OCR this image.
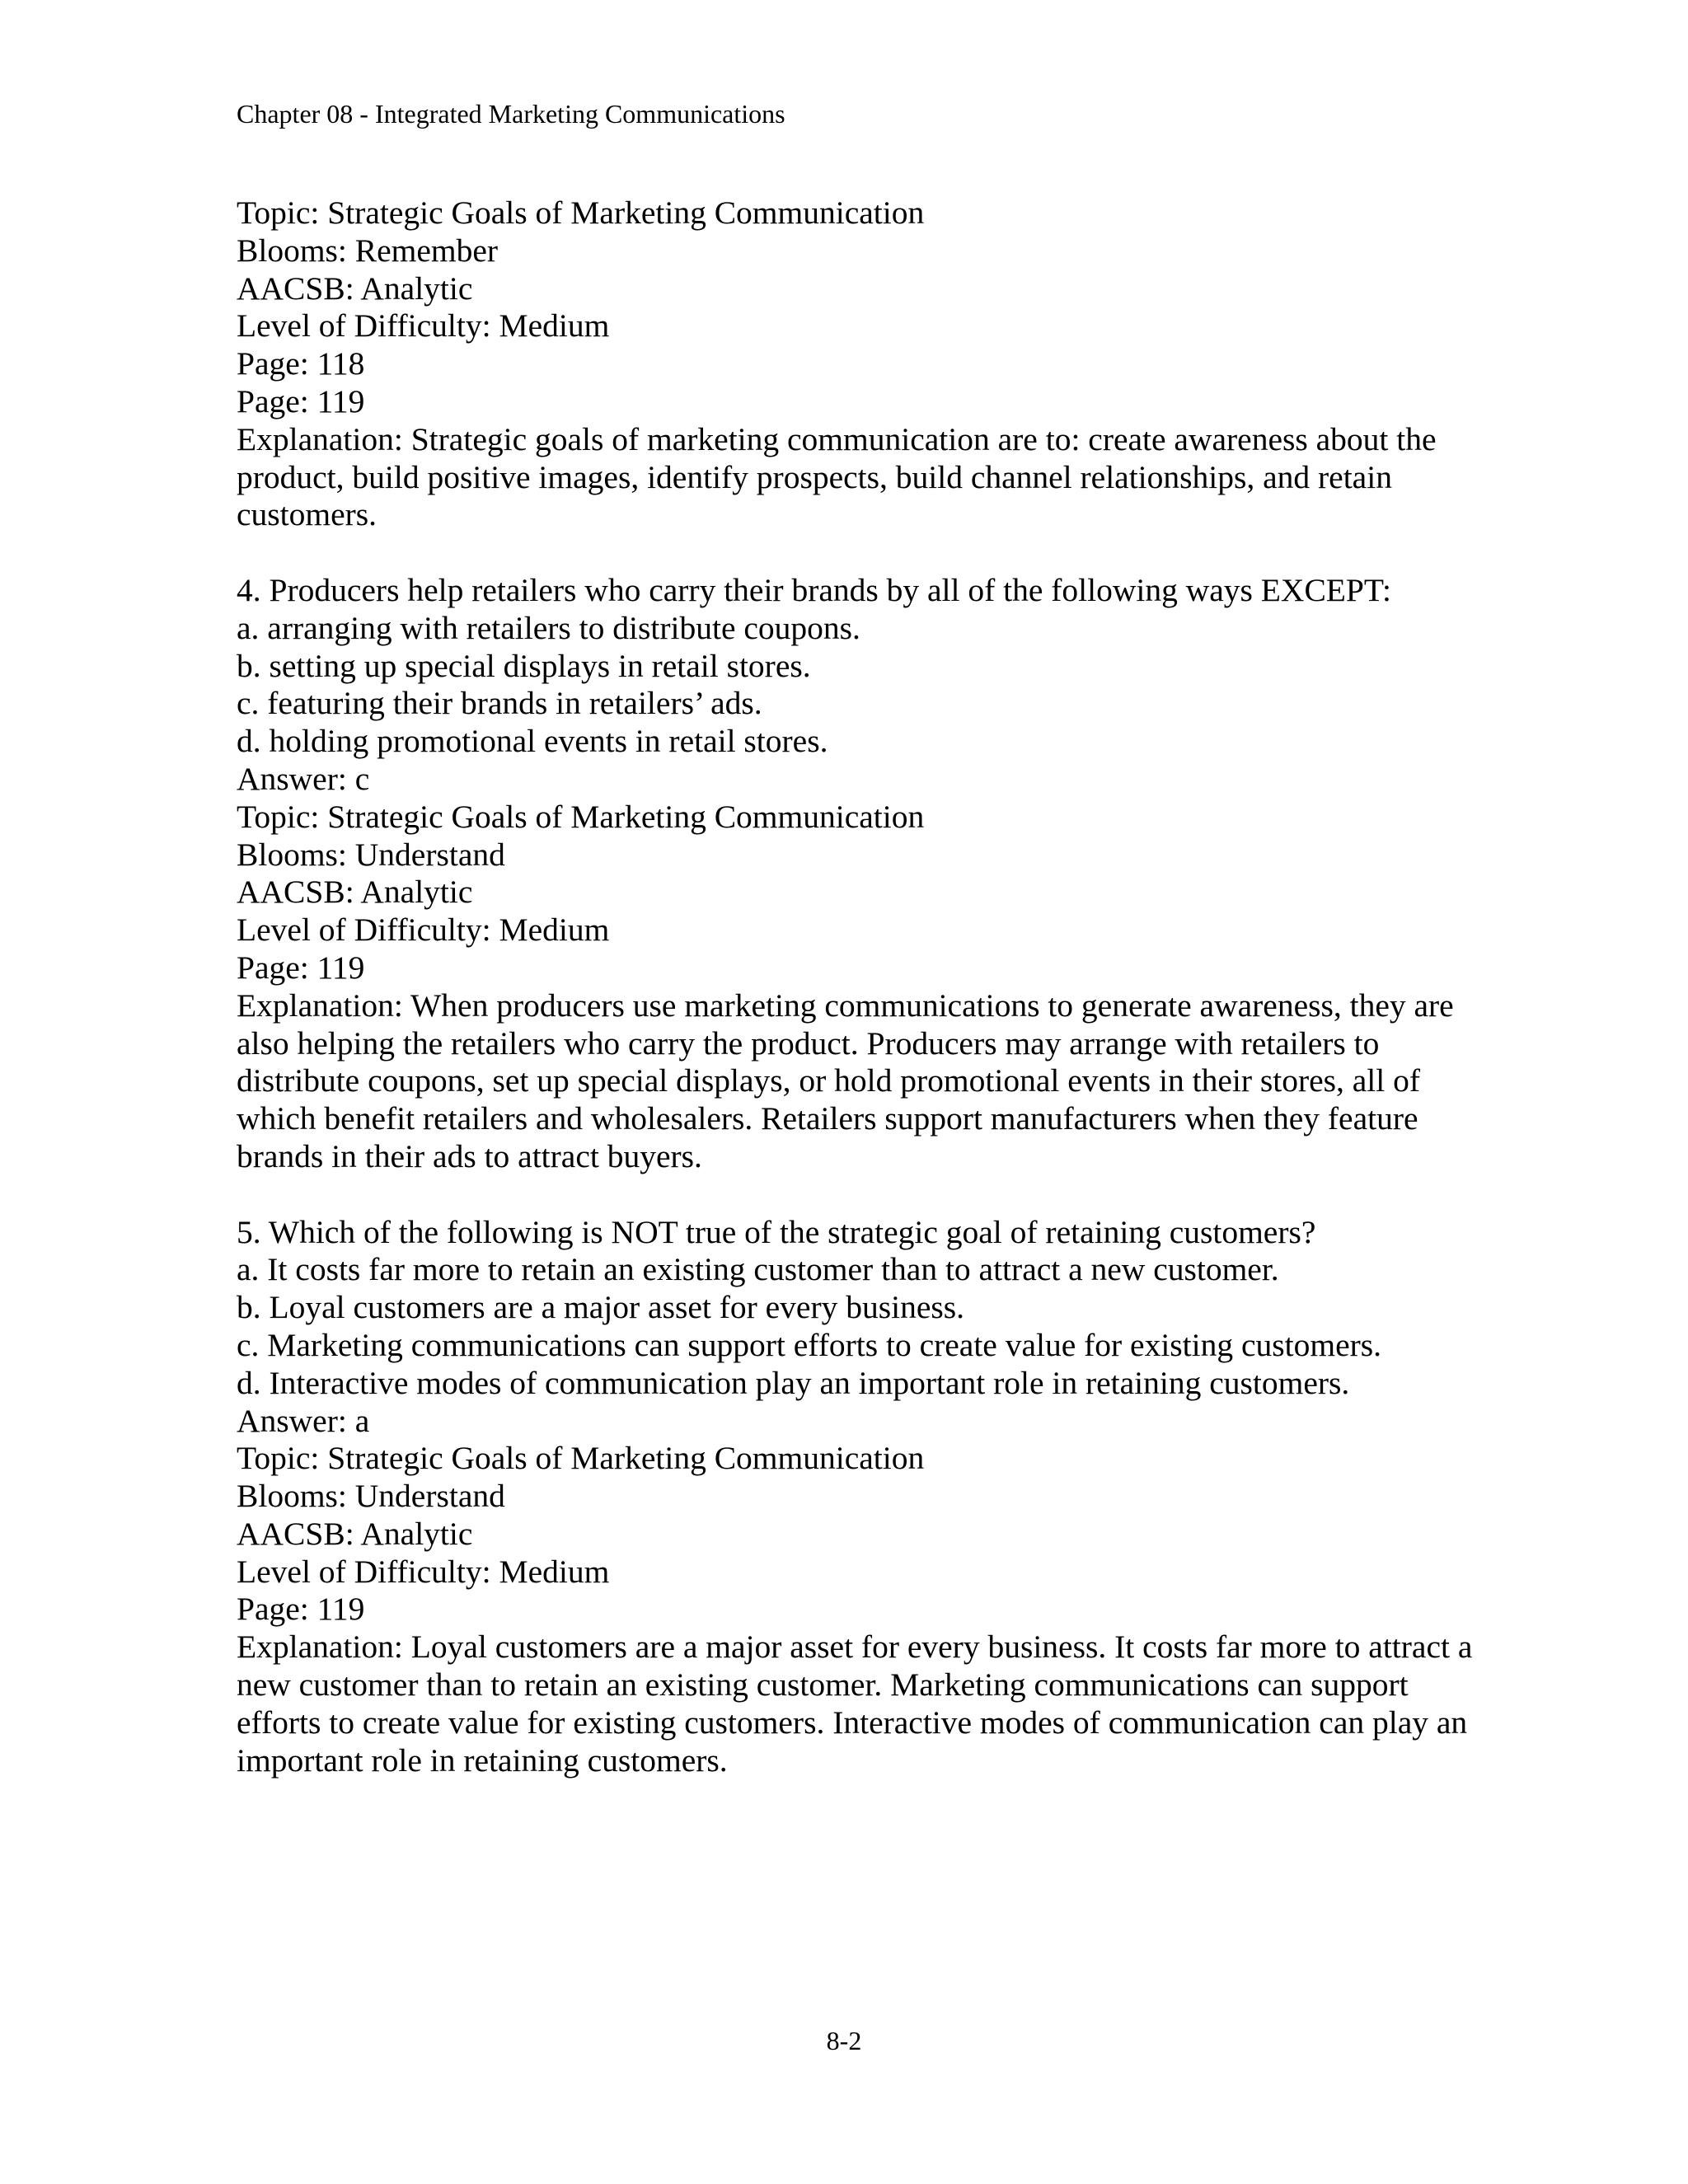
Chapter 08 - Integrated Marketing Communications
Topic: Strategic Goals of Marketing Communication
Blooms: Remember
AACSB: Analytic
Level of Difficulty: Medium
Page: 118
Page: 119
Explanation: Strategic goals of marketing communication are to: create awareness about the product, build positive images, identify prospects, build channel relationships, and retain customers.
4. Producers help retailers who carry their brands by all of the following ways EXCEPT:
a. arranging with retailers to distribute coupons.
b. setting up special displays in retail stores.
c. featuring their brands in retailers’ ads.
d. holding promotional events in retail stores.
Answer: c
Topic: Strategic Goals of Marketing Communication
Blooms: Understand
AACSB: Analytic
Level of Difficulty: Medium
Page: 119
Explanation: When producers use marketing communications to generate awareness, they are also helping the retailers who carry the product. Producers may arrange with retailers to distribute coupons, set up special displays, or hold promotional events in their stores, all of which benefit retailers and wholesalers. Retailers support manufacturers when they feature brands in their ads to attract buyers.
5. Which of the following is NOT true of the strategic goal of retaining customers?
a. It costs far more to retain an existing customer than to attract a new customer.
b. Loyal customers are a major asset for every business.
c. Marketing communications can support efforts to create value for existing customers.
d. Interactive modes of communication play an important role in retaining customers.
Answer: a
Topic: Strategic Goals of Marketing Communication
Blooms: Understand
AACSB: Analytic
Level of Difficulty: Medium
Page: 119
Explanation: Loyal customers are a major asset for every business. It costs far more to attract a new customer than to retain an existing customer. Marketing communications can support efforts to create value for existing customers. Interactive modes of communication can play an important role in retaining customers.
8-2
